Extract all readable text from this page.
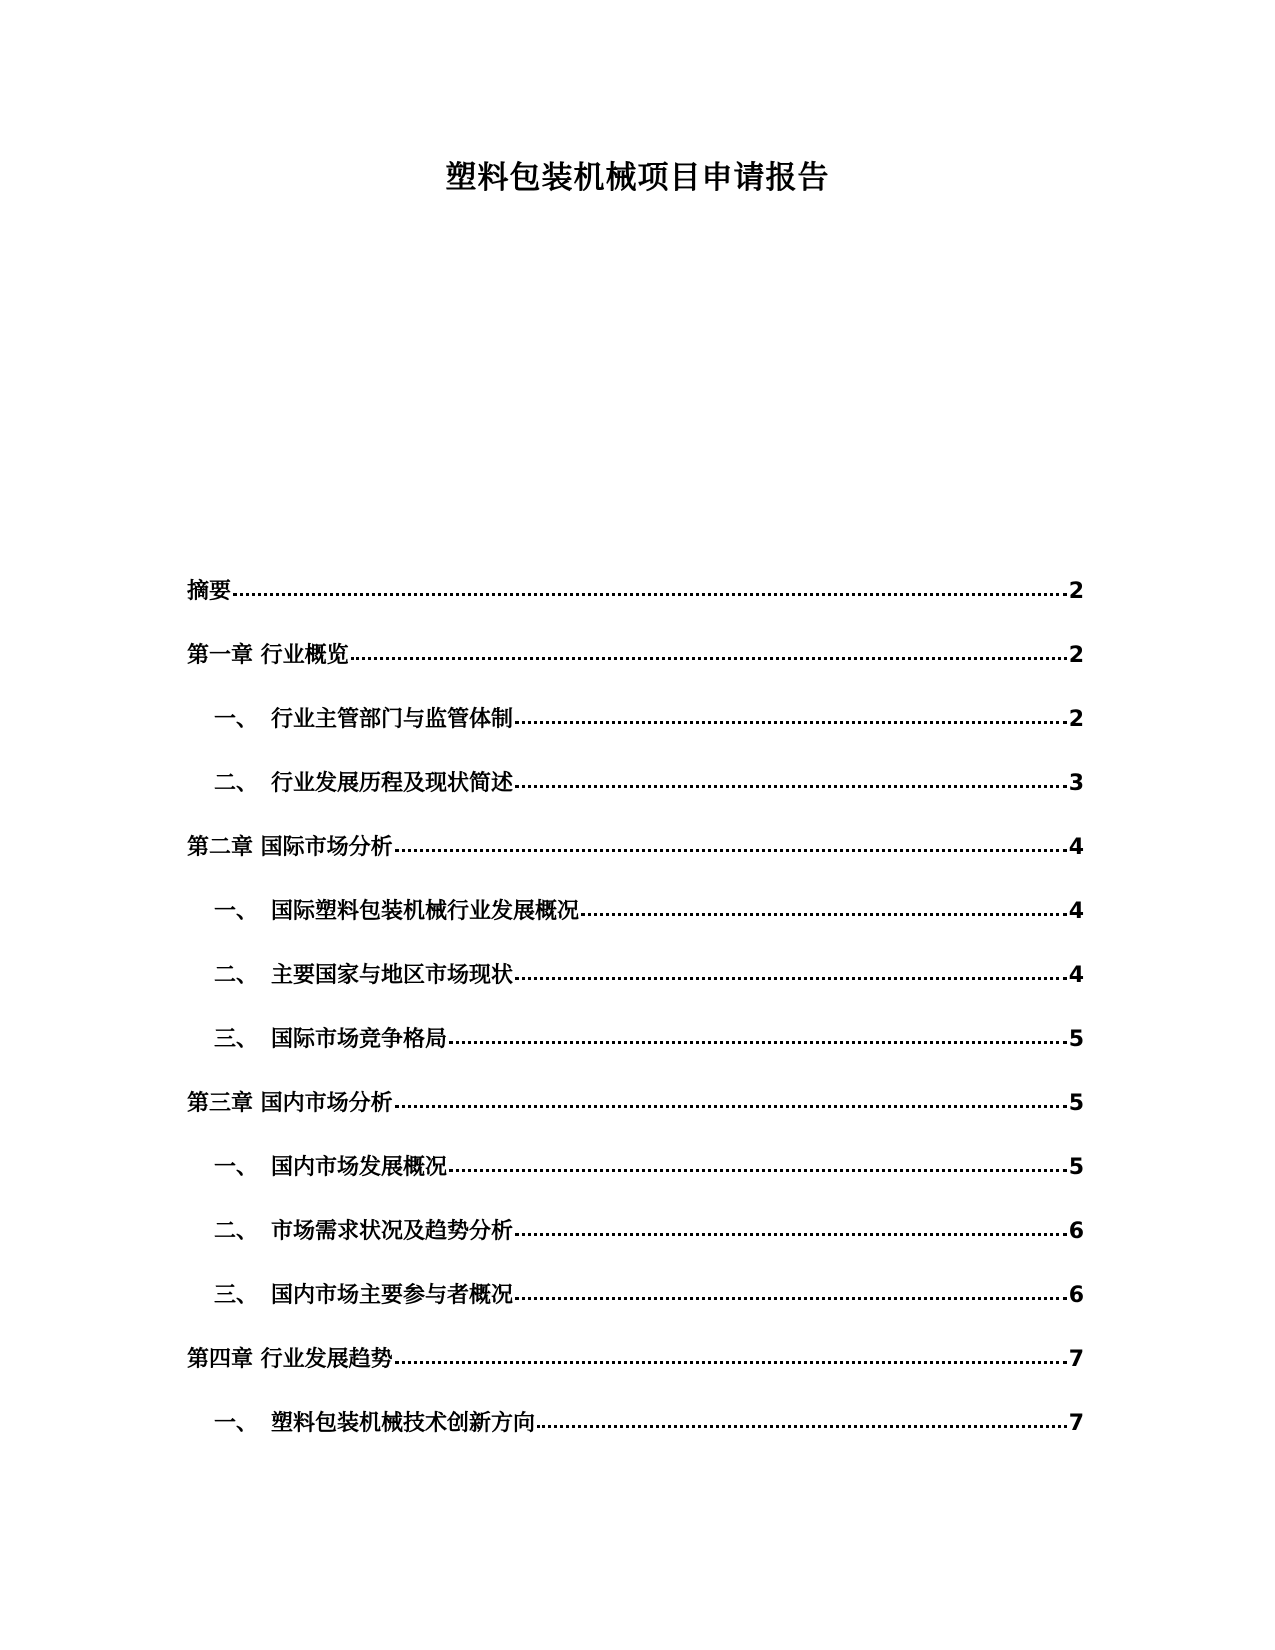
塑料包装机械项目申请报告
摘要	2
第一章 行业概览	2
一、 行业主管部门与监管体制	2
二、 行业发展历程及现状简述	3
第二章 国际市场分析	4
一、 国际塑料包装机械行业发展概况	4
二、 主要国家与地区市场现状	4
三、 国际市场竞争格局	5
第三章 国内市场分析	5
一、 国内市场发展概况	5
二、 市场需求状况及趋势分析	6
三、 国内市场主要参与者概况	6
第四章 行业发展趋势	7
一、 塑料包装机械技术创新方向	7
